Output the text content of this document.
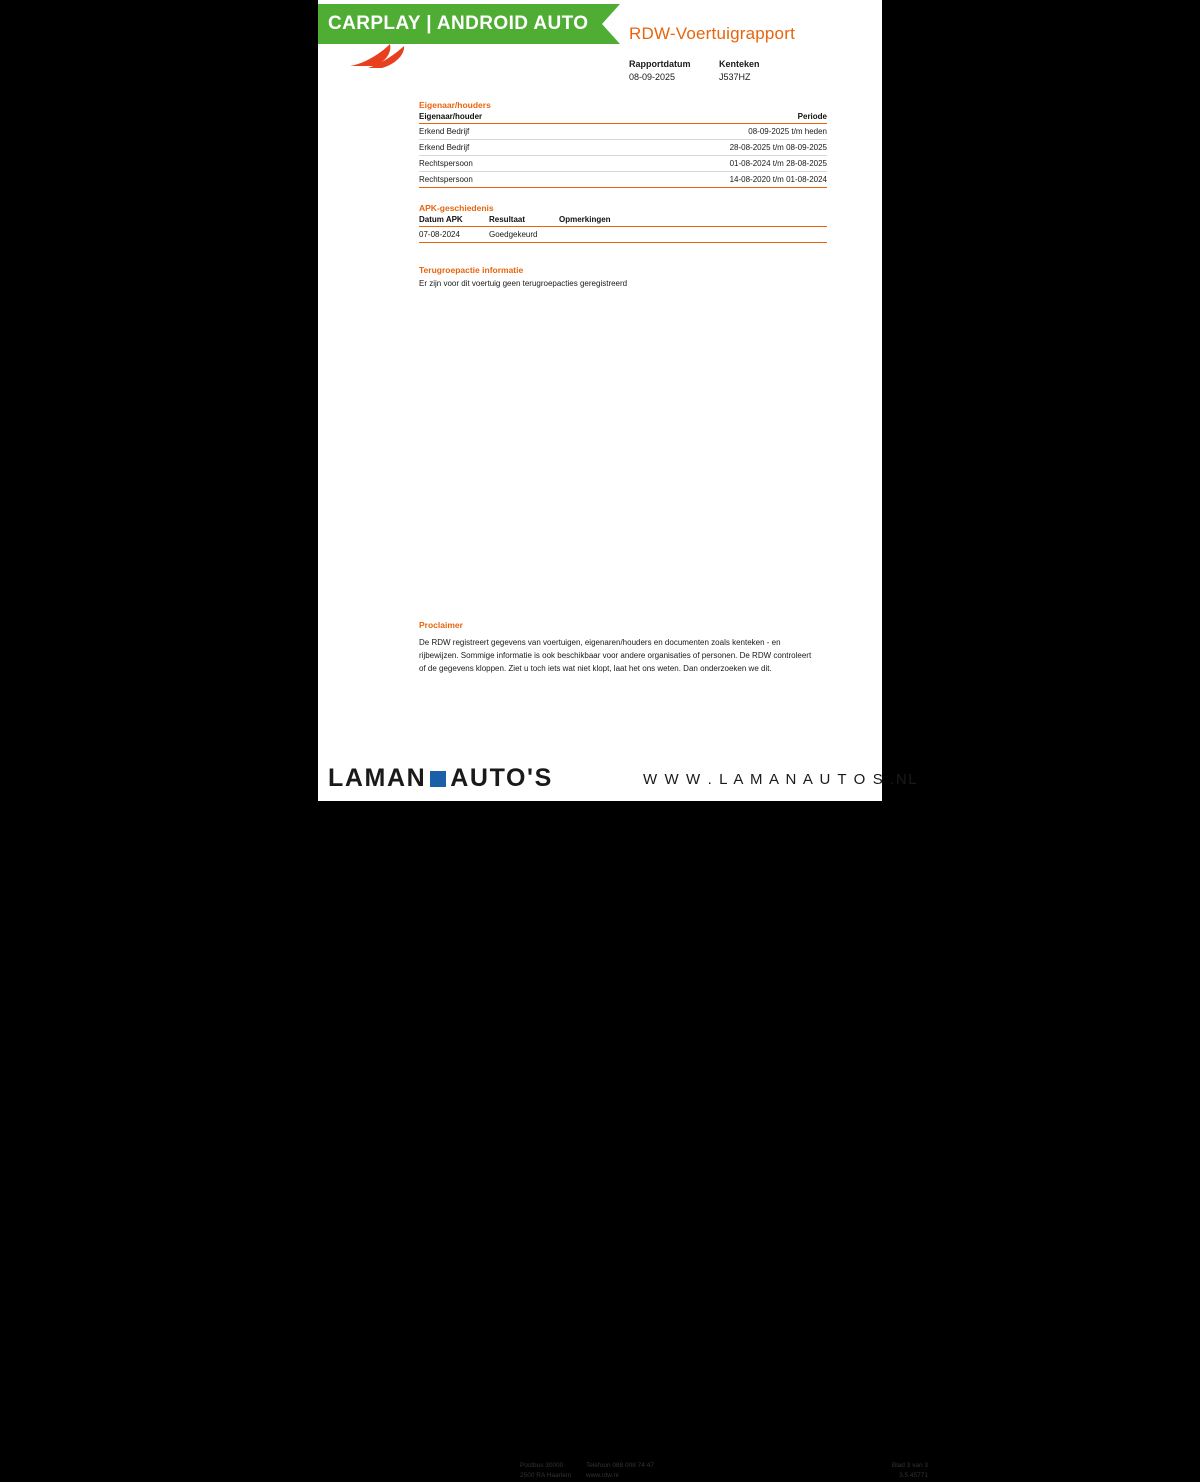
CARPLAY | ANDROID AUTO RDW-Voertuigrapport
Rapportdatum
08-09-2025
Kenteken
J537HZ
Eigenaar/houders
Eigenaar/houder	Periode
Erkend Bedrijf	08-09-2025 t/m heden
Erkend Bedrijf	28-08-2025 t/m 08-09-2025
Rechtspersoon	01-08-2024 t/m 28-08-2025
Rechtspersoon	14-08-2020 t/m 01-08-2024
APK-geschiedenis
Datum APK	Resultaat	Opmerkingen
07-08-2024	Goedgekeurd	
Terugroepactie informatie
Er zijn voor dit voertuig geen terugroepacties geregistreerd
Proclaimer
De RDW registreert gegevens van voertuigen, eigenaren/houders en documenten zoals kenteken - en rijbewijzen. Sommige informatie is ook beschikbaar voor andere organisaties of personen. De RDW controleert of de gegevens kloppen. Ziet u toch iets wat niet klopt, laat het ons weten. Dan onderzoeken we dit.
Postbus 30000	Telefoon 088 008 74 47	Blad 3 van 3
2500 RA Haarlem	www.rdw.nl	3.5.45771
LAMAN AUTO'S	W W W . L A M A N A U T O S .NL
